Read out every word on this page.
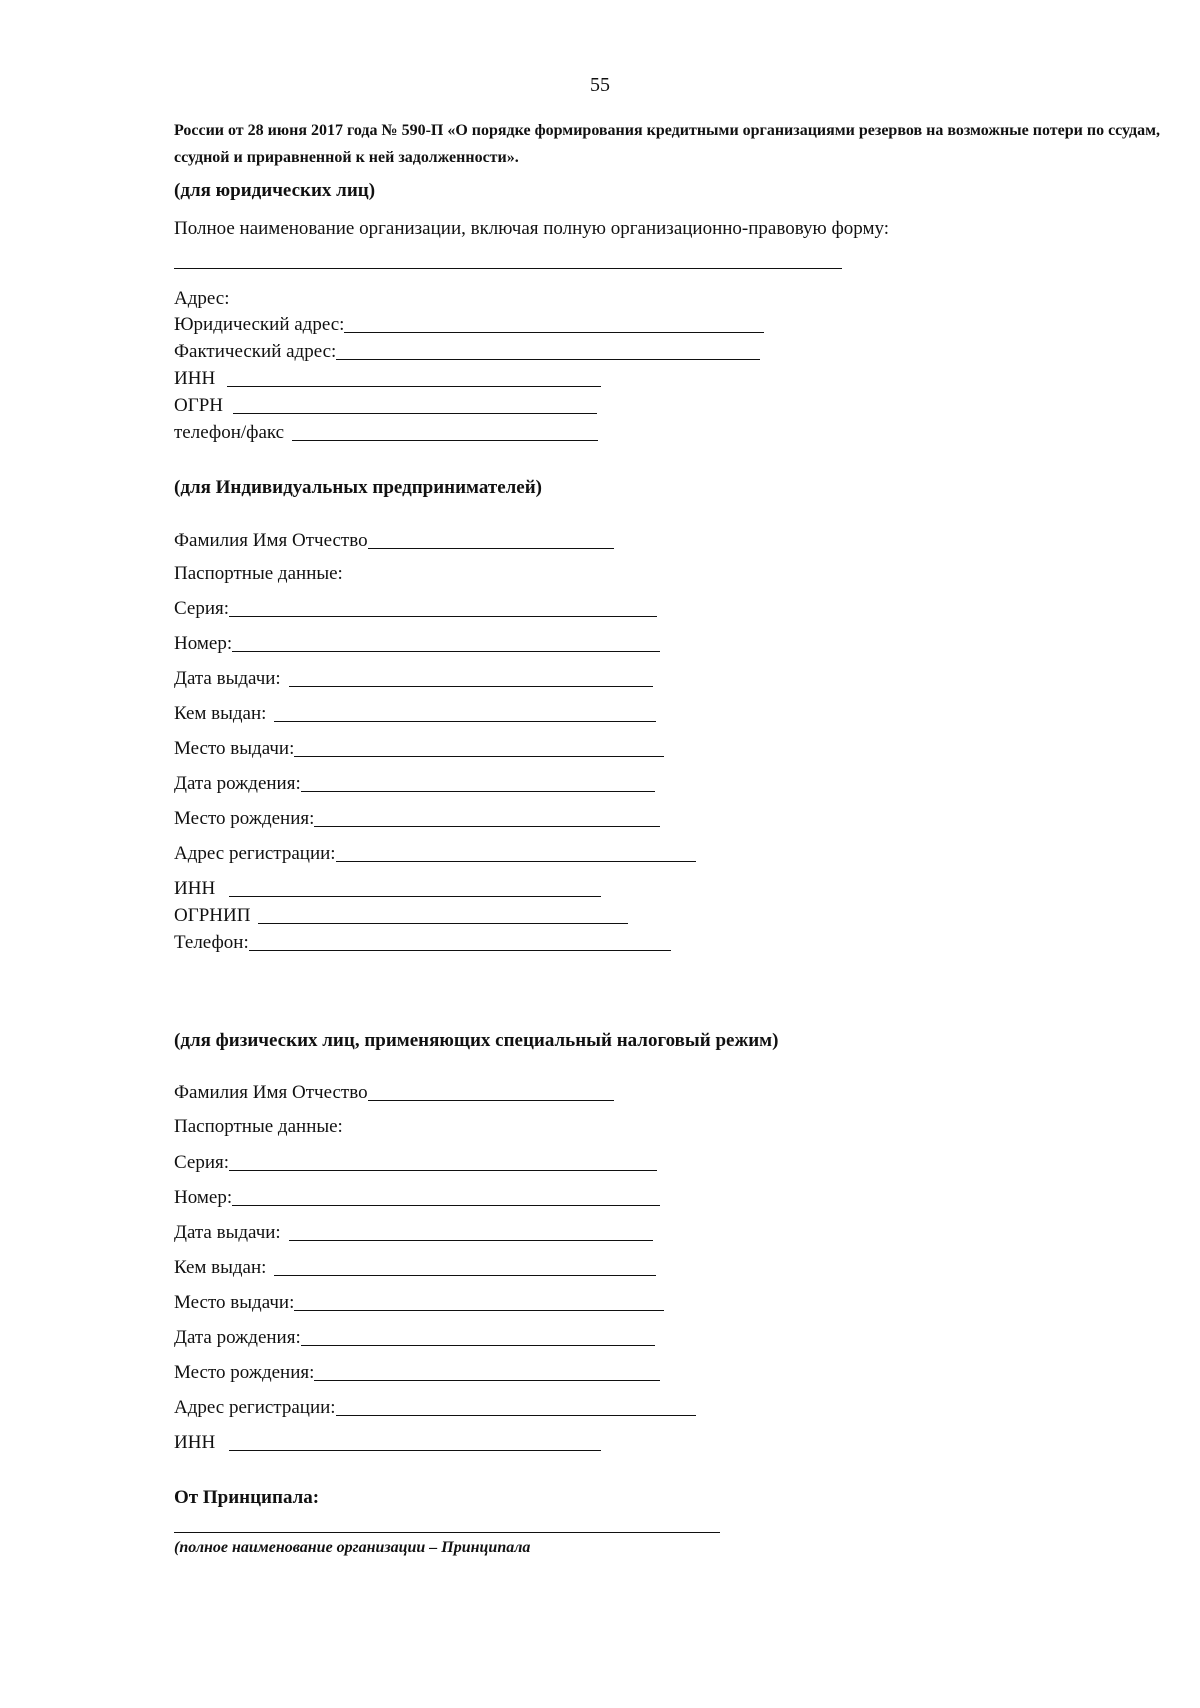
55
России от 28 июня 2017 года № 590-П «О порядке формирования кредитными организациями резервов на возможные потери по ссудам, ссудной и приравненной к ней задолженности».
(для юридических лиц)
Полное наименование организации, включая полную организационно-правовую форму:
Адрес:
Юридический адрес:
Фактический адрес:
ИНН
ОГРН
телефон/факс
(для Индивидуальных предпринимателей)
Фамилия Имя Отчество
Паспортные данные:
Серия:
Номер:
Дата выдачи:
Кем выдан:
Место выдачи:
Дата рождения:
Место рождения:
Адрес регистрации:
ИНН
ОГРНИП
Телефон:
(для физических лиц, применяющих специальный налоговый режим)
Фамилия Имя Отчество
Паспортные данные:
Серия:
Номер:
Дата выдачи:
Кем выдан:
Место выдачи:
Дата рождения:
Место рождения:
Адрес регистрации:
ИНН
От Принципала:
(полное наименование организации – Принципала
